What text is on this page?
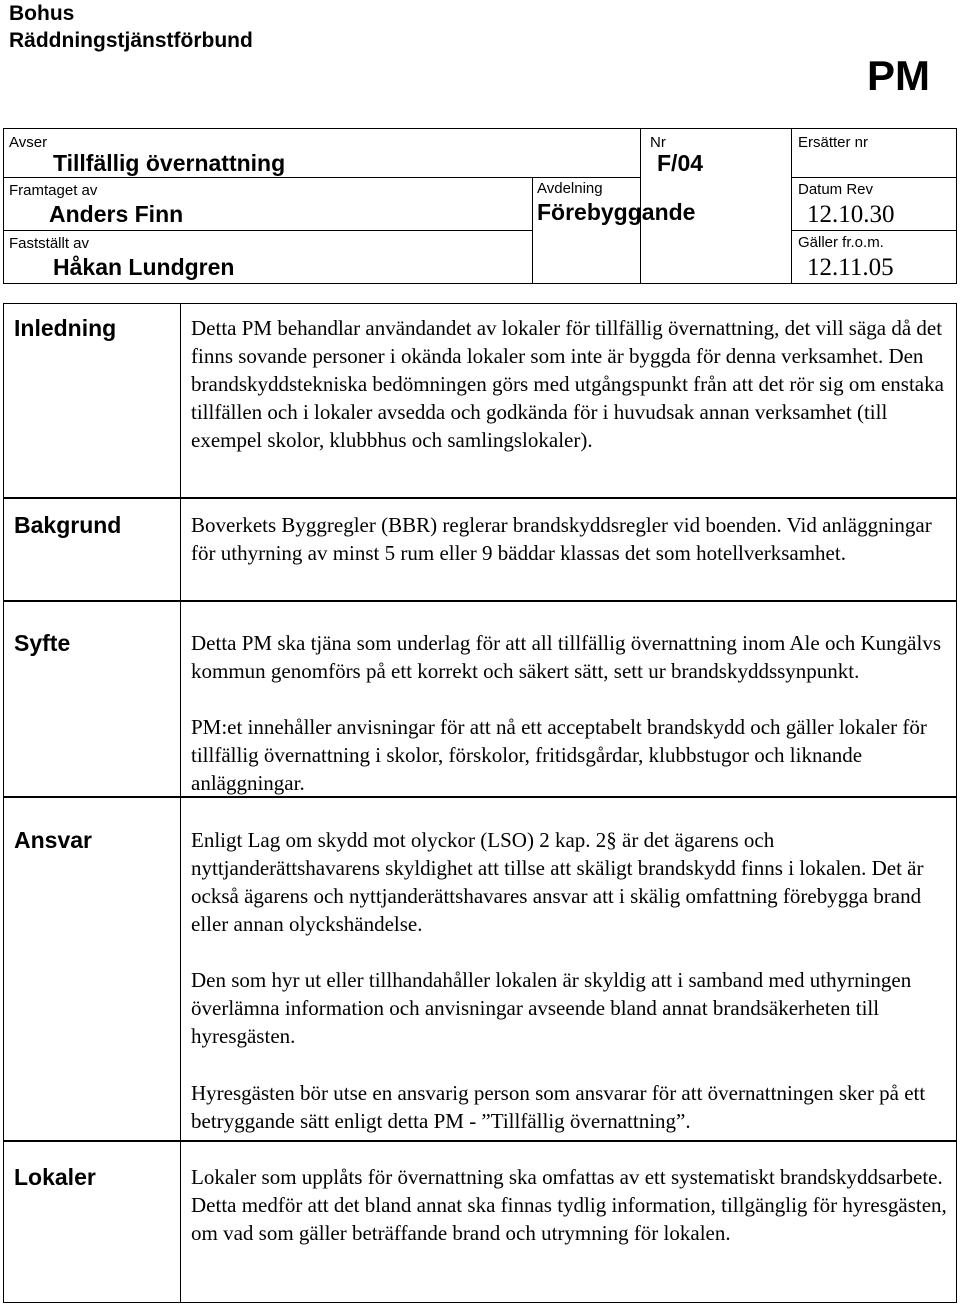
Bohus
Räddningstjänstförbund
PM
Avser
Tillfällig övernattning
Framtaget av
Anders Finn
Fastställt av
Håkan Lundgren
Avdelning
Förebyggande
Nr
F/04
Ersätter nr
Datum Rev
12.10.30
Gäller fr.o.m.
12.11.05
Inledning
Bakgrund
Syfte
Ansvar
Lokaler

Detta PM behandlar användandet av lokaler för tillfällig övernattning, det vill säga då det finns sovande personer i okända lokaler som inte är byggda för denna verksamhet. Den brandskyddstekniska bedömningen görs med utgångspunkt från att det rör sig om enstaka tillfällen och i lokaler avsedda och godkända för i huvudsak annan verksamhet (till exempel skolor, klubbhus och samlingslokaler).

Boverkets Byggregler (BBR) reglerar brandskyddsregler vid boenden. Vid anläggningar för uthyrning av minst 5 rum eller 9 bäddar klassas det som hotellverksamhet.

Detta PM ska tjäna som underlag för att all tillfällig övernattning inom Ale och Kungälvs kommun genomförs på ett korrekt och säkert sätt, sett ur brandskyddssynpunkt.

PM:et innehåller anvisningar för att nå ett acceptabelt brandskydd och gäller lokaler för tillfällig övernattning i skolor, förskolor, fritidsgårdar, klubbstugor och liknande anläggningar.

Enligt Lag om skydd mot olyckor (LSO) 2 kap. 2§ är det ägarens och nyttjanderättshavarens skyldighet att tillse att skäligt brandskydd finns i lokalen. Det är också ägarens och nyttjanderättshavares ansvar att i skälig omfattning förebygga brand eller annan olyckshändelse.

Den som hyr ut eller tillhandahåller lokalen är skyldig att i samband med uthyrningen överlämna information och anvisningar avseende bland annat brandsäkerheten till hyresgästen.

Hyresgästen bör utse en ansvarig person som ansvarar för att övernattningen sker på ett betryggande sätt enligt detta PM - ”Tillfällig övernattning”.

Lokaler som upplåts för övernattning ska omfattas av ett systematiskt brandskyddsarbete. Detta medför att det bland annat ska finnas tydlig information, tillgänglig för hyresgästen, om vad som gäller beträffande brand och utrymning för lokalen.
